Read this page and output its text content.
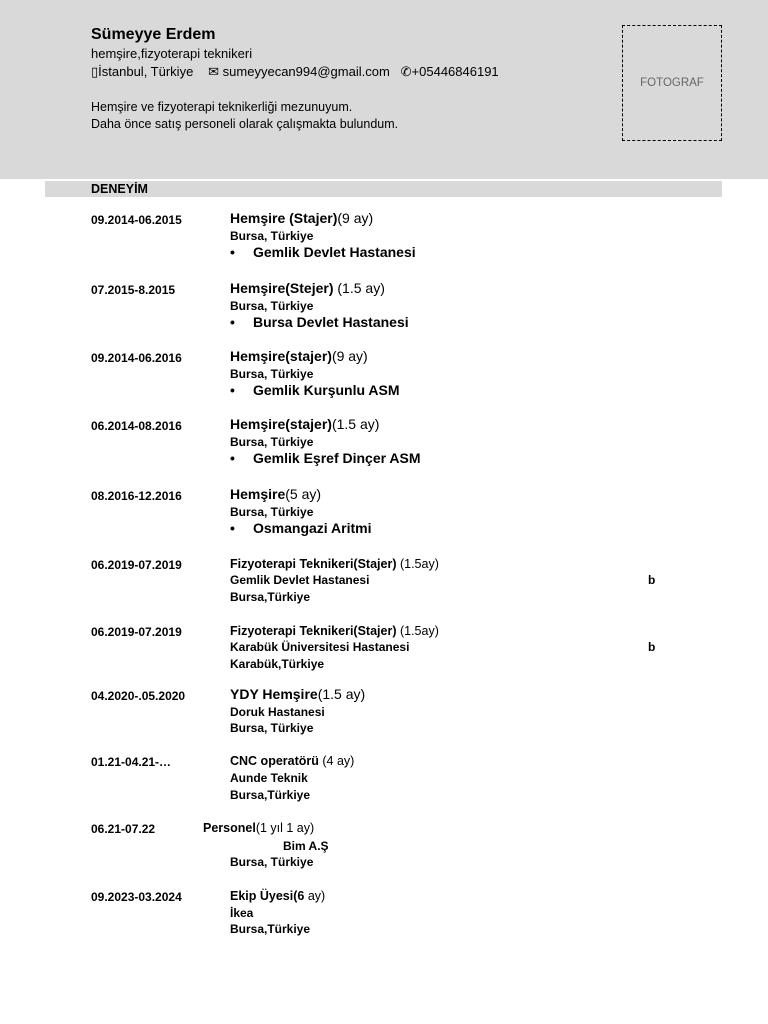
Sümeyye Erdem
hemşire,fizyoterapi teknikeri
▯İstanbul, Türkiye ✉ sumeyyecan994@gmail.com ✆+05446846191
Hemşire ve fizyoterapi teknikerliği mezunuyum.
Daha önce satış personeli olarak çalışmakta bulundum.
FOTOGRAF
DENEYİM
09.2014-06.2015	Hemşire (Stajer)(9 ay)
Bursa, Türkiye
• Gemlik Devlet Hastanesi
07.2015-8.2015	Hemşire(Stejer) (1.5 ay)
Bursa, Türkiye
• Bursa Devlet Hastanesi
09.2014-06.2016	Hemşire(stajer)(9 ay)
Bursa, Türkiye
• Gemlik Kurşunlu ASM
06.2014-08.2016	Hemşire(stajer)(1.5 ay)
Bursa, Türkiye
• Gemlik Eşref Dinçer ASM
08.2016-12.2016	Hemşire(5 ay)
Bursa, Türkiye
• Osmangazi Aritmi
06.2019-07.2019	Fizyoterapi Teknikeri(Stajer) (1.5ay)
Gemlik Devlet Hastanesi	b
Bursa,Türkiye
06.2019-07.2019	Fizyoterapi Teknikeri(Stajer) (1.5ay)
Karabük Üniversitesi Hastanesi	b
Karabük,Türkiye
04.2020-.05.2020	YDY Hemşire(1.5 ay)
Doruk Hastanesi
Bursa, Türkiye
01.21-04.21-…	CNC operatörü (4 ay)
Aunde Teknik
Bursa,Türkiye
06.21-07.22	Personel(1 yıl 1 ay)
Bim A.Ş
Bursa, Türkiye
09.2023-03.2024	Ekip Üyesi(6 ay)
İkea
Bursa,Türkiye
